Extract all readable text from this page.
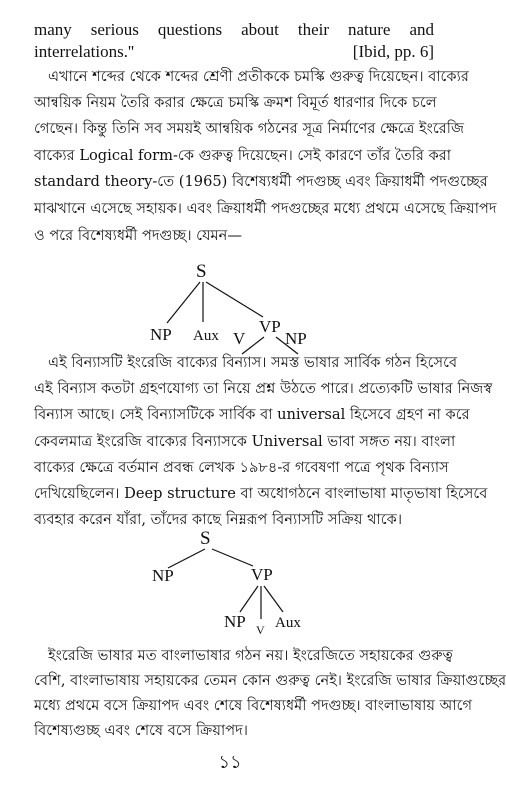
many serious questions about their nature and
interrelations.''	[Ibid, pp. 6]
এখানে শব্দের থেকে শব্দের শ্রেণী প্রতীককে চমস্কি গুরুত্ব দিয়েছেন। বাক্যের
আন্বয়িক নিয়ম তৈরি করার ক্ষেত্রে চমস্কি ক্রমশ বিমূর্ত ধারণার দিকে চলে
গেছেন। কিন্তু তিনি সব সময়ই আন্বয়িক গঠনের সূত্র নির্মাণের ক্ষেত্রে ইংরেজি
বাক্যের Logical form-কে গুরুত্ব দিয়েছেন। সেই কারণে তাঁর তৈরি করা
standard theory-তে (1965) বিশেষ্যধর্মী পদগুচ্ছ এবং ক্রিয়াধর্মী পদগুচ্ছের
মাঝখানে এসেছে সহায়ক। এবং ক্রিয়াধর্মী পদগুচ্ছের মধ্যে প্রথমে এসেছে ক্রিয়াপদ
ও পরে বিশেষ্যধর্মী পদগুচ্ছ। যেমন—
S
NP Aux VP
V NP
এই বিন্যাসটি ইংরেজি বাক্যের বিন্যাস। সমস্ত ভাষার সার্বিক গঠন হিসেবে
এই বিন্যাস কতটা গ্রহণযোগ্য তা নিয়ে প্রশ্ন উঠতে পারে। প্রত্যেকটি ভাষার নিজস্ব
বিন্যাস আছে। সেই বিন্যাসটিকে সার্বিক বা universal হিসেবে গ্রহণ না করে
কেবলমাত্র ইংরেজি বাক্যের বিন্যাসকে Universal ভাবা সঙ্গত নয়। বাংলা
বাক্যের ক্ষেত্রে বর্তমান প্রবন্ধ লেখক ১৯৮৪-র গবেষণা পত্রে পৃথক বিন্যাস
দেখিয়েছিলেন। Deep structure বা অধোগঠনে বাংলাভাষা মাতৃভাষা হিসেবে
ব্যবহার করেন যাঁরা, তাঁদের কাছে নিম্নরূপ বিন্যাসটি সক্রিয় থাকে।
S
NP	VP
NP V Aux
ইংরেজি ভাষার মত বাংলাভাষার গঠন নয়। ইংরেজিতে সহায়কের গুরুত্ব
বেশি, বাংলাভাষায় সহায়কের তেমন কোন গুরুত্ব নেই। ইংরেজি ভাষার ক্রিয়াগুচ্ছের
মধ্যে প্রথমে বসে ক্রিয়াপদ এবং শেষে বিশেষ্যধর্মী পদগুচ্ছ। বাংলাভাষায় আগে
বিশেষ্যগুচ্ছ এবং শেষে বসে ক্রিয়াপদ।
১১
